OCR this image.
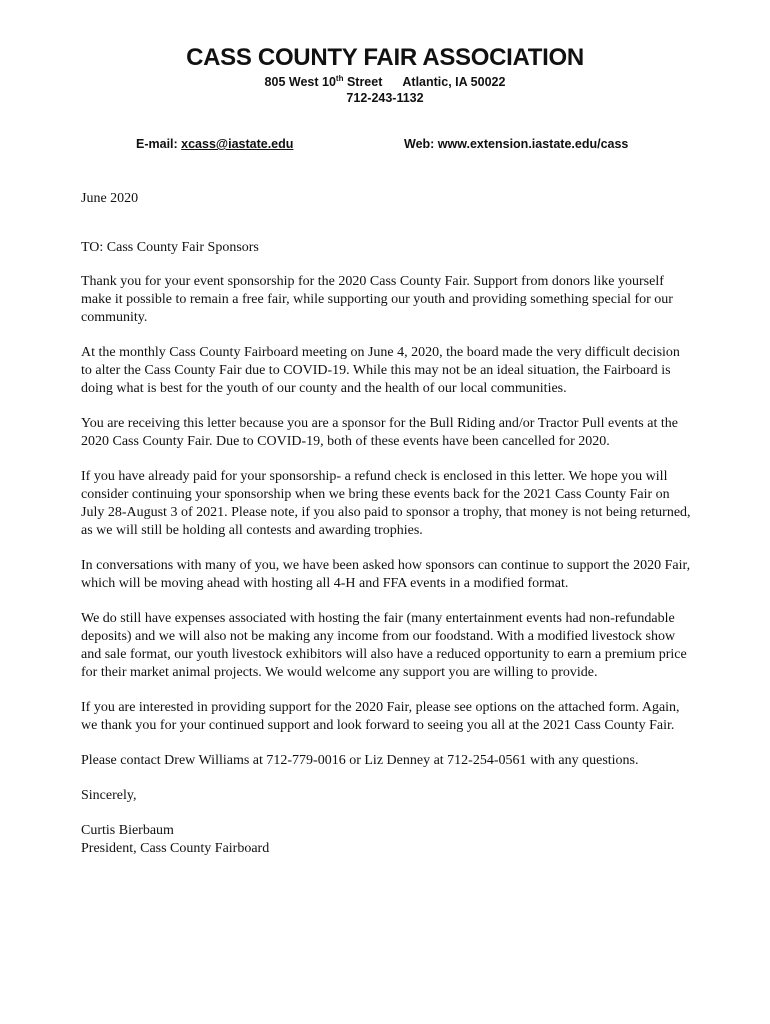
CASS COUNTY FAIR ASSOCIATION
805 West 10th Street Atlantic, IA 50022
712-243-1132
E-mail: xcass@iastate.edu	Web: www.extension.iastate.edu/cass

June 2020

TO: Cass County Fair Sponsors

Thank you for your event sponsorship for the 2020 Cass County Fair. Support from donors like yourself make it possible to remain a free fair, while supporting our youth and providing something special for our community.

At the monthly Cass County Fairboard meeting on June 4, 2020, the board made the very difficult decision to alter the Cass County Fair due to COVID-19. While this may not be an ideal situation, the Fairboard is doing what is best for the youth of our county and the health of our local communities.

You are receiving this letter because you are a sponsor for the Bull Riding and/or Tractor Pull events at the 2020 Cass County Fair. Due to COVID-19, both of these events have been cancelled for 2020.

If you have already paid for your sponsorship- a refund check is enclosed in this letter. We hope you will consider continuing your sponsorship when we bring these events back for the 2021 Cass County Fair on July 28-August 3 of 2021. Please note, if you also paid to sponsor a trophy, that money is not being returned, as we will still be holding all contests and awarding trophies.

In conversations with many of you, we have been asked how sponsors can continue to support the 2020 Fair, which will be moving ahead with hosting all 4-H and FFA events in a modified format.

We do still have expenses associated with hosting the fair (many entertainment events had non-refundable deposits) and we will also not be making any income from our foodstand. With a modified livestock show and sale format, our youth livestock exhibitors will also have a reduced opportunity to earn a premium price for their market animal projects. We would welcome any support you are willing to provide.

If you are interested in providing support for the 2020 Fair, please see options on the attached form. Again, we thank you for your continued support and look forward to seeing you all at the 2021 Cass County Fair.

Please contact Drew Williams at 712-779-0016 or Liz Denney at 712-254-0561 with any questions.

Sincerely,

Curtis Bierbaum
President, Cass County Fairboard
